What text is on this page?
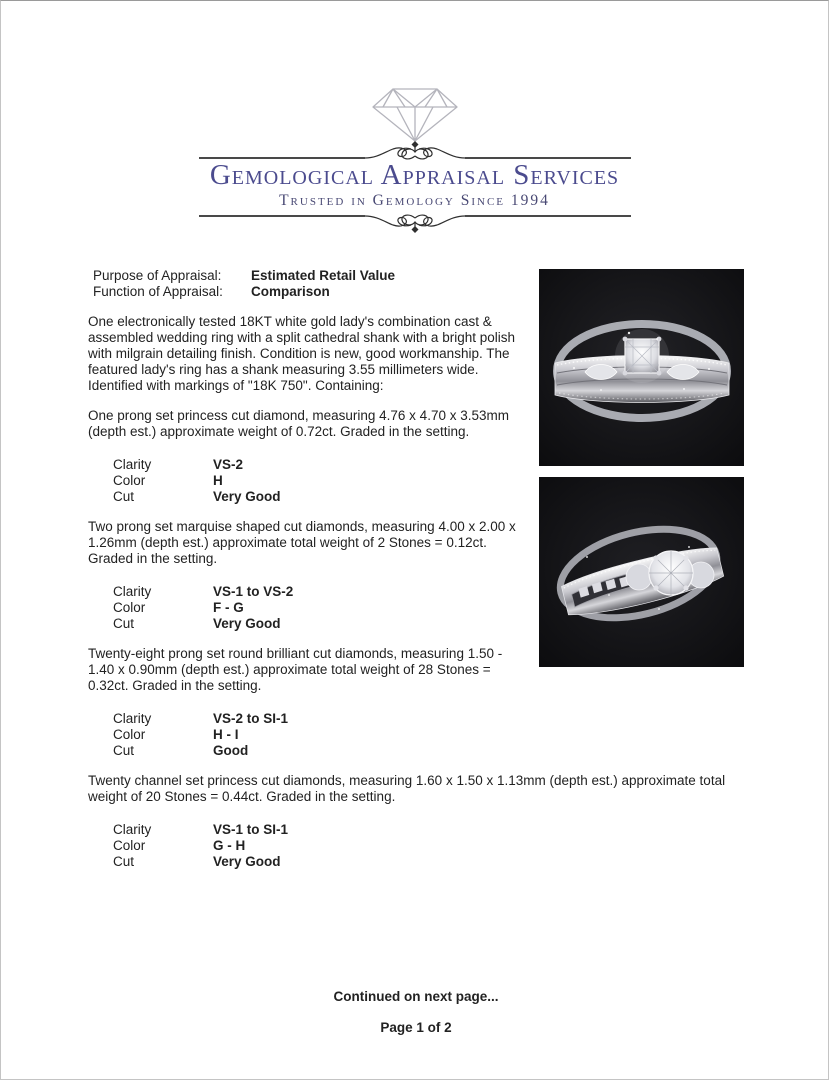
Gemological Appraisal Services
Trusted in Gemology Since 1994
Purpose of Appraisal:	Estimated Retail Value
Function of Appraisal:	Comparison

One electronically tested 18KT white gold lady's combination cast & assembled wedding ring with a split cathedral shank with a bright polish with milgrain detailing finish. Condition is new, good workmanship. The featured lady's ring has a shank measuring 3.55 millimeters wide. Identified with markings of "18K 750". Containing:

One prong set princess cut diamond, measuring 4.76 x 4.70 x 3.53mm (depth est.) approximate weight of 0.72ct. Graded in the setting.

Clarity	VS-2
Color	H
Cut	Very Good

Two prong set marquise shaped cut diamonds, measuring 4.00 x 2.00 x 1.26mm (depth est.) approximate total weight of 2 Stones = 0.12ct. Graded in the setting.

Clarity	VS-1 to VS-2
Color	F - G
Cut	Very Good

Twenty-eight prong set round brilliant cut diamonds, measuring 1.50 - 1.40 x 0.90mm (depth est.) approximate total weight of 28 Stones = 0.32ct. Graded in the setting.

Clarity	VS-2 to SI-1
Color	H - I
Cut	Good

Twenty channel set princess cut diamonds, measuring 1.60 x 1.50 x 1.13mm (depth est.) approximate total weight of 20 Stones = 0.44ct. Graded in the setting.

Clarity	VS-1 to SI-1
Color	G - H
Cut	Very Good
Continued on next page...
Page 1 of 2
